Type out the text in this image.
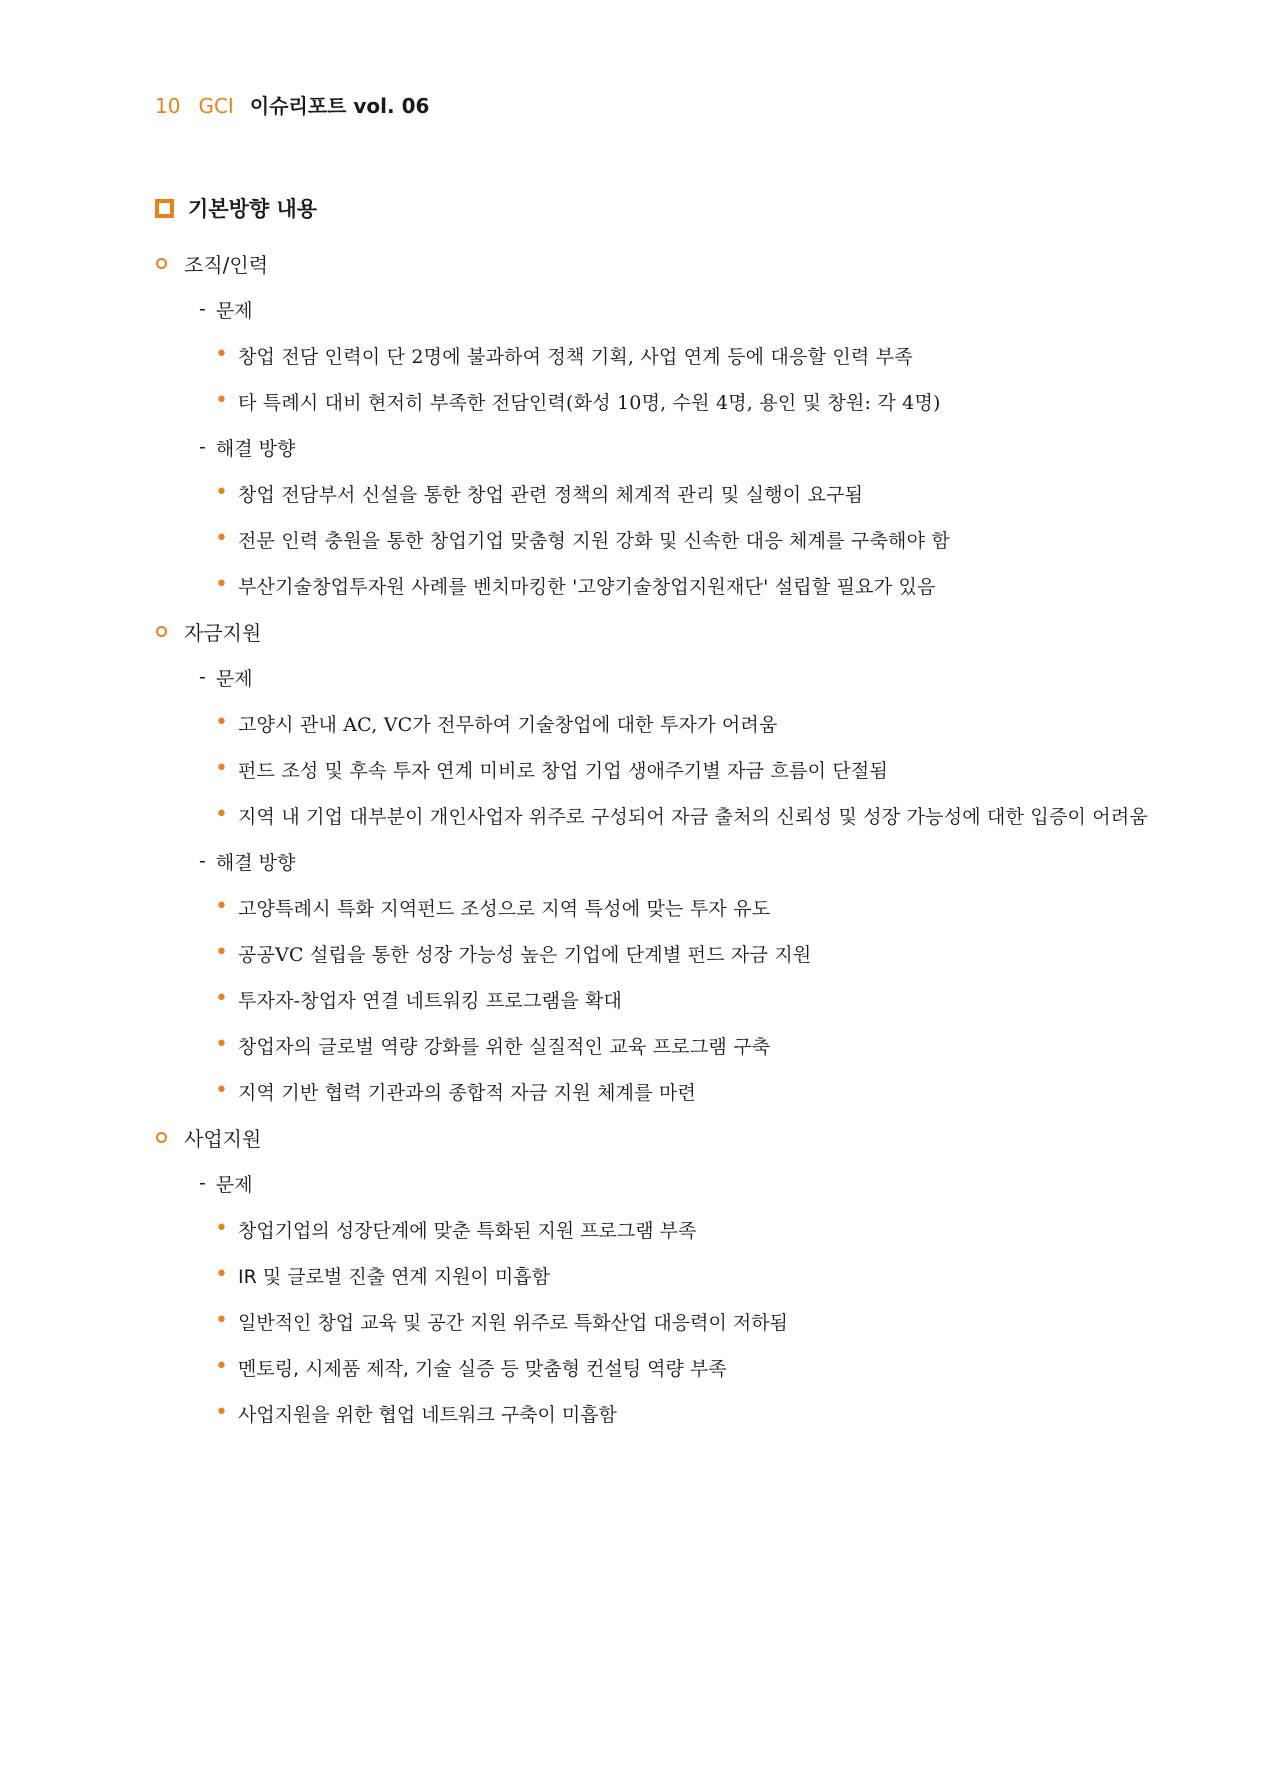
10 GCI 이슈리포트 vol. 06
기본방향 내용
조직/인력
- 문제
• 창업 전담 인력이 단 2명에 불과하여 정책 기획, 사업 연계 등에 대응할 인력 부족
• 타 특례시 대비 현저히 부족한 전담인력(화성 10명, 수원 4명, 용인 및 창원: 각 4명)
- 해결 방향
• 창업 전담부서 신설을 통한 창업 관련 정책의 체계적 관리 및 실행이 요구됨
• 전문 인력 충원을 통한 창업기업 맞춤형 지원 강화 및 신속한 대응 체계를 구축해야 함
• 부산기술창업투자원 사례를 벤치마킹한 '고양기술창업지원재단' 설립할 필요가 있음
자금지원
- 문제
• 고양시 관내 AC, VC가 전무하여 기술창업에 대한 투자가 어려움
• 펀드 조성 및 후속 투자 연계 미비로 창업 기업 생애주기별 자금 흐름이 단절됨
• 지역 내 기업 대부분이 개인사업자 위주로 구성되어 자금 출처의 신뢰성 및 성장 가능성에 대한 입증이 어려움
- 해결 방향
• 고양특례시 특화 지역펀드 조성으로 지역 특성에 맞는 투자 유도
• 공공VC 설립을 통한 성장 가능성 높은 기업에 단계별 펀드 자금 지원
• 투자자-창업자 연결 네트워킹 프로그램을 확대
• 창업자의 글로벌 역량 강화를 위한 실질적인 교육 프로그램 구축
• 지역 기반 협력 기관과의 종합적 자금 지원 체계를 마련
사업지원
- 문제
• 창업기업의 성장단계에 맞춘 특화된 지원 프로그램 부족
• IR 및 글로벌 진출 연계 지원이 미흡함
• 일반적인 창업 교육 및 공간 지원 위주로 특화산업 대응력이 저하됨
• 멘토링, 시제품 제작, 기술 실증 등 맞춤형 컨설팅 역량 부족
• 사업지원을 위한 협업 네트워크 구축이 미흡함
